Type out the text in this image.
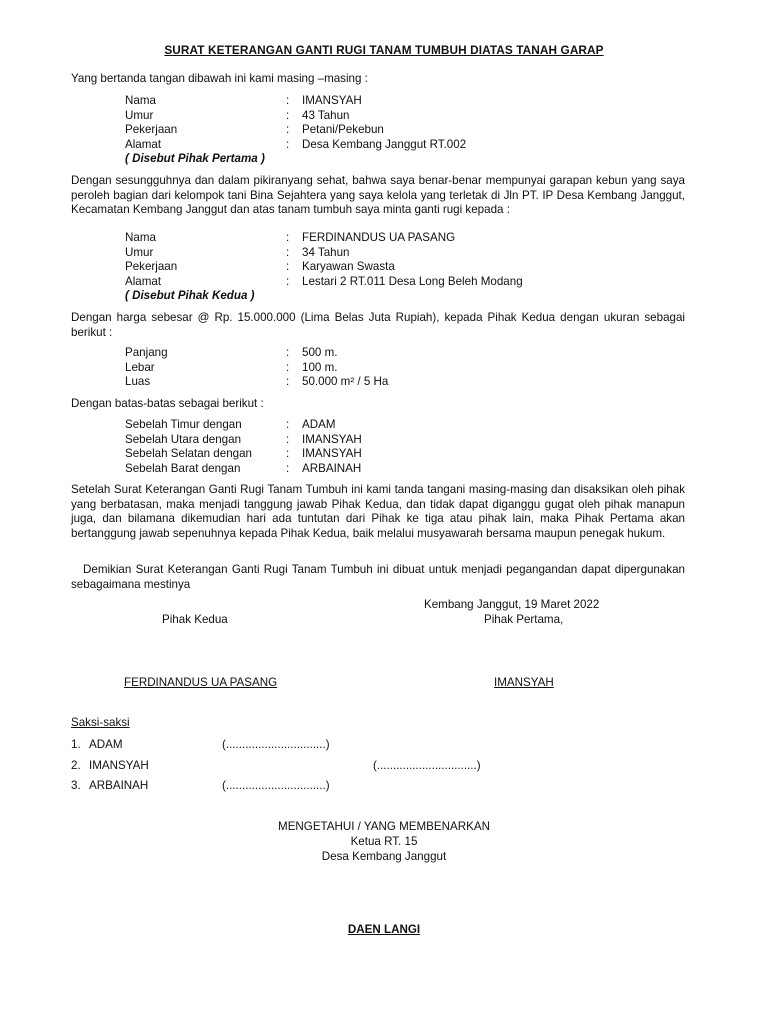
SURAT KETERANGAN GANTI RUGI TANAM TUMBUH DIATAS TANAH GARAP
Yang bertanda tangan dibawah ini kami masing –masing :
Nama	: IMANSYAH
Umur	: 43 Tahun
Pekerjaan	: Petani/Pekebun
Alamat	: Desa Kembang Janggut RT.002
( Disebut Pihak Pertama )
Dengan sesungguhnya dan dalam pikiranyang sehat, bahwa saya benar-benar mempunyai garapan kebun yang saya peroleh bagian dari kelompok tani Bina Sejahtera yang saya kelola yang terletak di Jln PT. IP Desa Kembang Janggut, Kecamatan Kembang Janggut dan atas tanam tumbuh saya minta ganti rugi kepada :
Nama	: FERDINANDUS UA PASANG
Umur	: 34 Tahun
Pekerjaan	: Karyawan Swasta
Alamat	: Lestari 2 RT.011 Desa Long Beleh Modang
( Disebut Pihak Kedua )
Dengan harga sebesar @ Rp. 15.000.000 (Lima Belas Juta Rupiah), kepada Pihak Kedua dengan ukuran sebagai berikut :
Panjang	: 500 m.
Lebar	: 100 m.
Luas	: 50.000 m² / 5 Ha
Dengan batas-batas sebagai berikut :
Sebelah Timur dengan	: ADAM
Sebelah Utara dengan	: IMANSYAH
Sebelah Selatan dengan	: IMANSYAH
Sebelah Barat dengan	: ARBAINAH
Setelah Surat Keterangan Ganti Rugi Tanam Tumbuh ini kami tanda tangani masing-masing dan disaksikan oleh pihak yang berbatasan, maka menjadi tanggung jawab Pihak Kedua, dan tidak dapat diganggu gugat oleh pihak manapun juga, dan bilamana dikemudian hari ada tuntutan dari Pihak ke tiga atau pihak lain, maka Pihak Pertama akan bertanggung jawab sepenuhnya kepada Pihak Kedua, baik melalui musyawarah bersama maupun penegak hukum.
Demikian Surat Keterangan Ganti Rugi Tanam Tumbuh ini dibuat untuk menjadi pegangandan dapat dipergunakan sebagaimana mestinya
Kembang Janggut, 19 Maret 2022
Pihak Kedua	Pihak Pertama,
FERDINANDUS UA PASANG	IMANSYAH
Saksi-saksi
1. ADAM	(...............................)
2. IMANSYAH	(...............................)
3. ARBAINAH	(...............................)
MENGETAHUI / YANG MEMBENARKAN
Ketua RT. 15
Desa Kembang Janggut
DAEN LANGI
